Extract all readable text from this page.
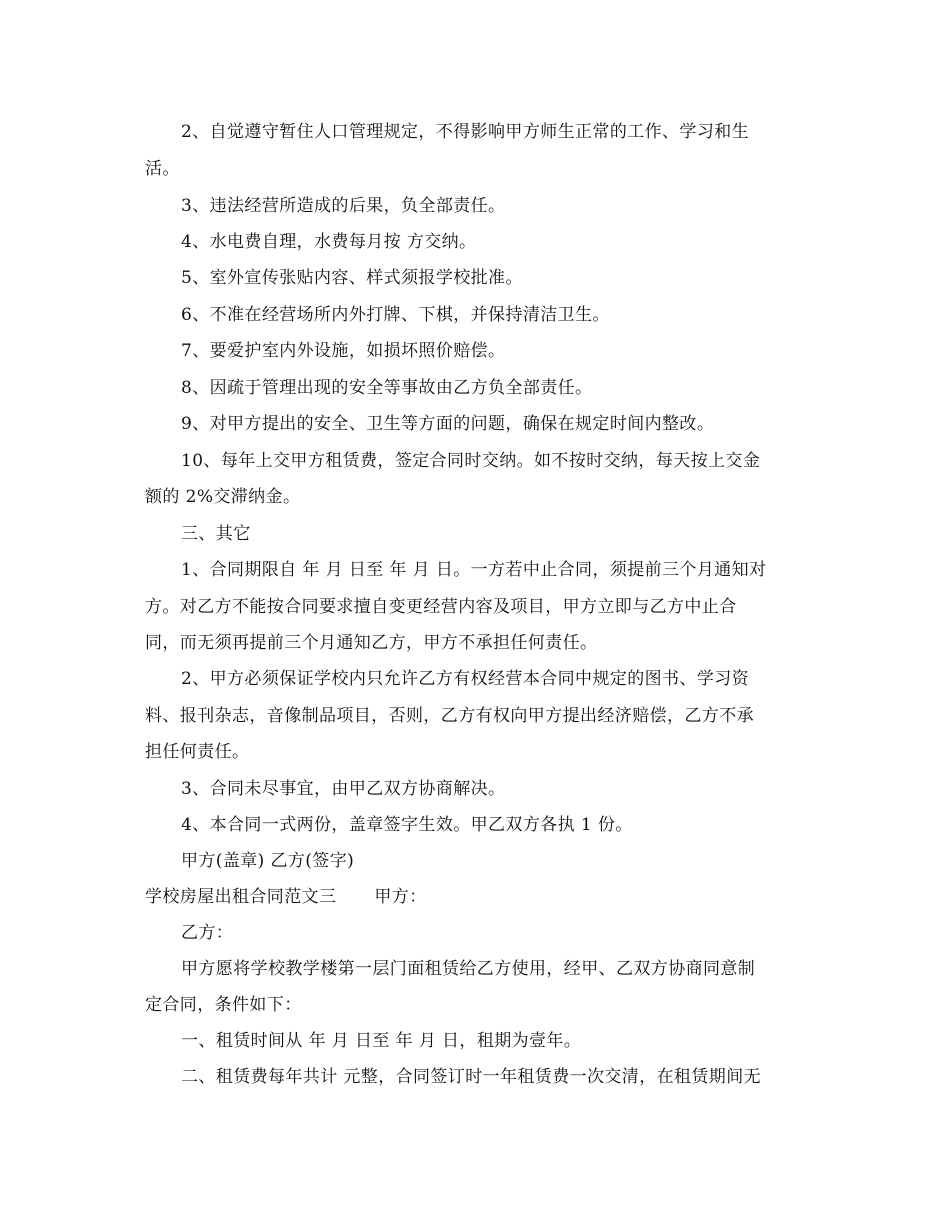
2、自觉遵守暂住人口管理规定，不得影响甲方师生正常的工作、学习和生
活。
3、违法经营所造成的后果，负全部责任。
4、水电费自理，水费每月按 方交纳。
5、室外宣传张贴内容、样式须报学校批准。
6、不准在经营场所内外打牌、下棋，并保持清洁卫生。
7、要爱护室内外设施，如损坏照价赔偿。
8、因疏于管理出现的安全等事故由乙方负全部责任。
9、对甲方提出的安全、卫生等方面的问题，确保在规定时间内整改。
10、每年上交甲方租赁费，签定合同时交纳。如不按时交纳，每天按上交金
额的 2%交滞纳金。
三、其它
1、合同期限自 年 月 日至 年 月 日。一方若中止合同，须提前三个月通知对
方。对乙方不能按合同要求擅自变更经营内容及项目，甲方立即与乙方中止合
同，而无须再提前三个月通知乙方，甲方不承担任何责任。
2、甲方必须保证学校内只允许乙方有权经营本合同中规定的图书、学习资
料、报刊杂志，音像制品项目，否则，乙方有权向甲方提出经济赔偿，乙方不承
担任何责任。
3、合同未尽事宜，由甲乙双方协商解决。
4、本合同一式两份，盖章签字生效。甲乙双方各执 1 份。
甲方(盖章) 乙方(签字)
学校房屋出租合同范文三 甲方：
乙方：
甲方愿将学校教学楼第一层门面租赁给乙方使用，经甲、乙双方协商同意制
定合同，条件如下：
一、租赁时间从 年 月 日至 年 月 日，租期为壹年。
二、租赁费每年共计 元整，合同签订时一年租赁费一次交清，在租赁期间无
